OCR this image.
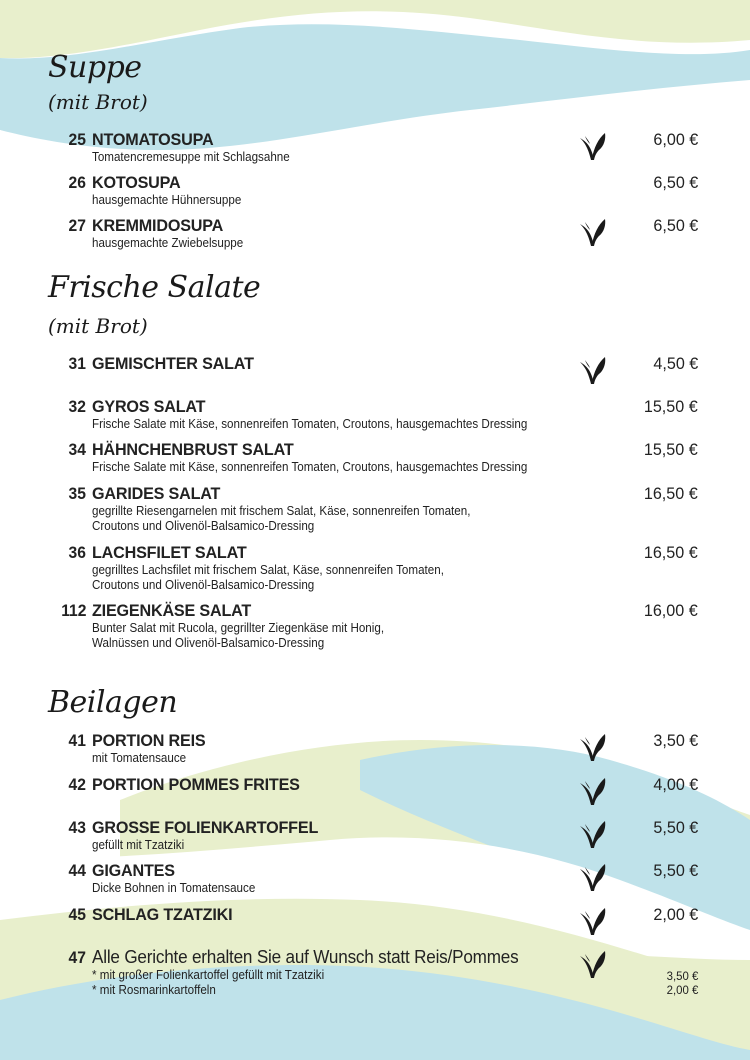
Suppe
(mit Brot)
25 NTOMATOSUPA
Tomatencremesuppe mit Schlagsahne
6,00 €
26 KOTOSUPA
hausgemachte Hühnersuppe
6,50 €
27 KREMMIDOSUPA
hausgemachte Zwiebelsuppe
6,50 €
Frische Salate
(mit Brot)
31 GEMISCHTER SALAT	4,50 €
32 GYROS SALAT
Frische Salate mit Käse, sonnenreifen Tomaten, Croutons, hausgemachtes Dressing
15,50 €
34 HÄHNCHENBRUST SALAT
Frische Salate mit Käse, sonnenreifen Tomaten, Croutons, hausgemachtes Dressing
15,50 €
35 GARIDES SALAT
gegrillte Riesengarnelen mit frischem Salat, Käse, sonnenreifen Tomaten,
Croutons und Olivenöl-Balsamico-Dressing
16,50 €
36 LACHSFILET SALAT
gegrilltes Lachsfilet mit frischem Salat, Käse, sonnenreifen Tomaten,
Croutons und Olivenöl-Balsamico-Dressing
16,50 €
112 ZIEGENKÄSE SALAT
Bunter Salat mit Rucola, gegrillter Ziegenkäse mit Honig,
Walnüssen und Olivenöl-Balsamico-Dressing
16,00 €
Beilagen
41 PORTION REIS
mit Tomatensauce
3,50 €
42 PORTION POMMES FRITES	4,00 €
43 GROSSE FOLIENKARTOFFEL
gefüllt mit Tzatziki
5,50 €
44 GIGANTES
Dicke Bohnen in Tomatensauce
5,50 €
45 SCHLAG TZATZIKI	2,00 €
47 Alle Gerichte erhalten Sie auf Wunsch statt Reis/Pommes
* mit großer Folienkartoffel gefüllt mit Tzatziki
* mit Rosmarinkartoffeln
3,50 €
2,00 €
